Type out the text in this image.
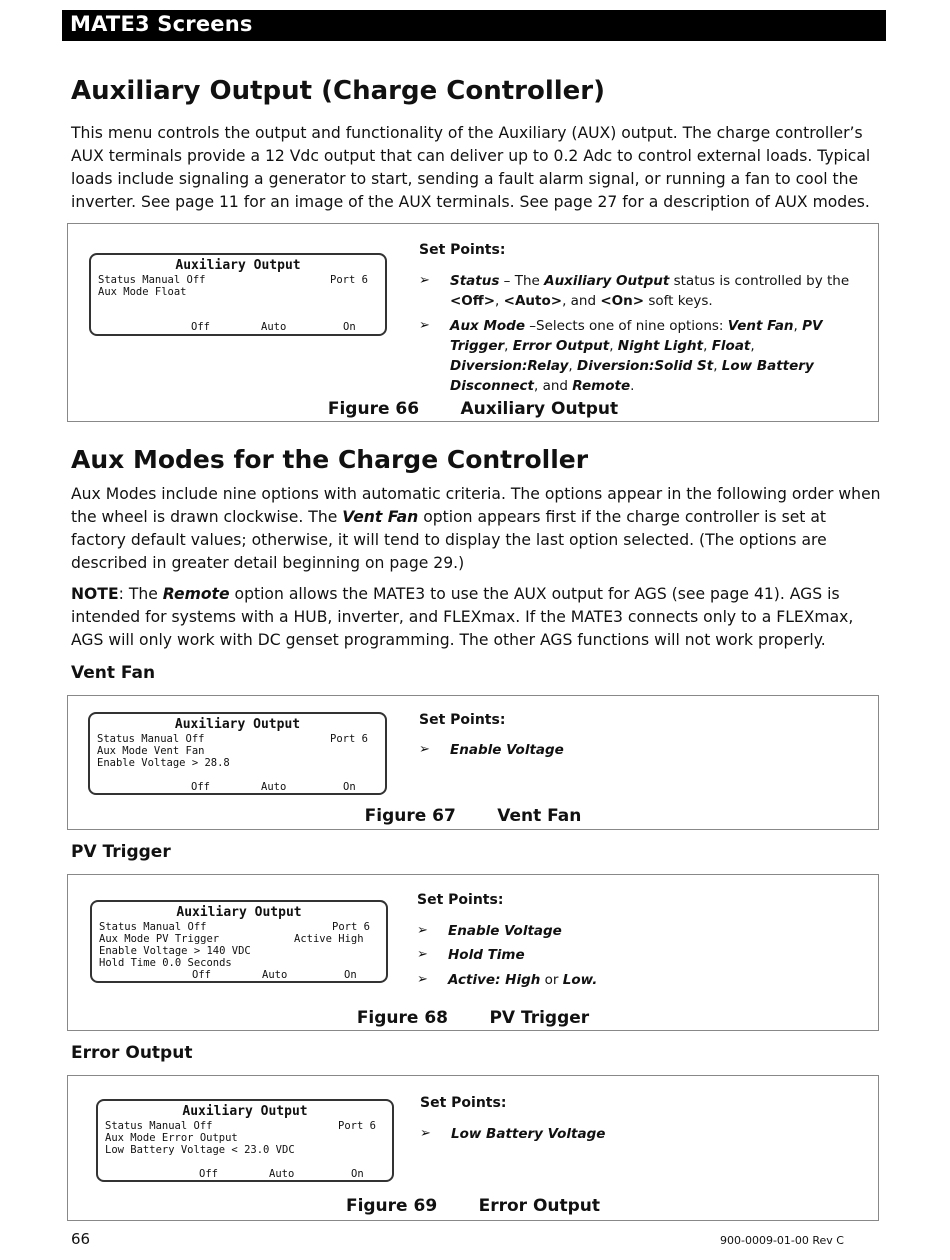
MATE3 Screens
Auxiliary Output (Charge Controller)

This menu controls the output and functionality of the Auxiliary (AUX) output. The charge controller’s AUX terminals provide a 12 Vdc output that can deliver up to 0.2 Adc to control external loads. Typical loads include signaling a generator to start, sending a fault alarm signal, or running a fan to cool the inverter. See page 11 for an image of the AUX terminals. See page 27 for a description of AUX modes.

Auxiliary Output
Status Manual Off	Port 6
Aux Mode Float
Off	Auto	On
Set Points:
➢ Status – The Auxiliary Output status is controlled by the <Off>, <Auto>, and <On> soft keys.
➢ Aux Mode –Selects one of nine options: Vent Fan, PV Trigger, Error Output, Night Light, Float, Diversion:Relay, Diversion:Solid St, Low Battery Disconnect, and Remote.
Figure 66 Auxiliary Output
Aux Modes for the Charge Controller

Aux Modes include nine options with automatic criteria. The options appear in the following order when the wheel is drawn clockwise. The Vent Fan option appears first if the charge controller is set at factory default values; otherwise, it will tend to display the last option selected. (The options are described in greater detail beginning on page 29.)

NOTE: The Remote option allows the MATE3 to use the AUX output for AGS (see page 41). AGS is intended for systems with a HUB, inverter, and FLEXmax. If the MATE3 connects only to a FLEXmax, AGS will only work with DC genset programming. The other AGS functions will not work properly.

Vent Fan
Auxiliary Output
Status Manual Off	Port 6
Aux Mode Vent Fan
Enable Voltage > 28.8
Off	Auto	On
Set Points:
➢ Enable Voltage
Figure 67 Vent Fan
PV Trigger
Auxiliary Output
Status Manual Off	Port 6
Aux Mode PV Trigger	Active High
Enable Voltage > 140 VDC
Hold Time 0.0 Seconds
Off	Auto	On
Set Points:
➢ Enable Voltage
➢ Hold Time
➢ Active: High or Low.
Figure 68 PV Trigger
Error Output
Auxiliary Output
Status Manual Off	Port 6
Aux Mode Error Output
Low Battery Voltage < 23.0 VDC
Off	Auto	On
Set Points:
➢ Low Battery Voltage
Figure 69 Error Output
66	900-0009-01-00 Rev C
